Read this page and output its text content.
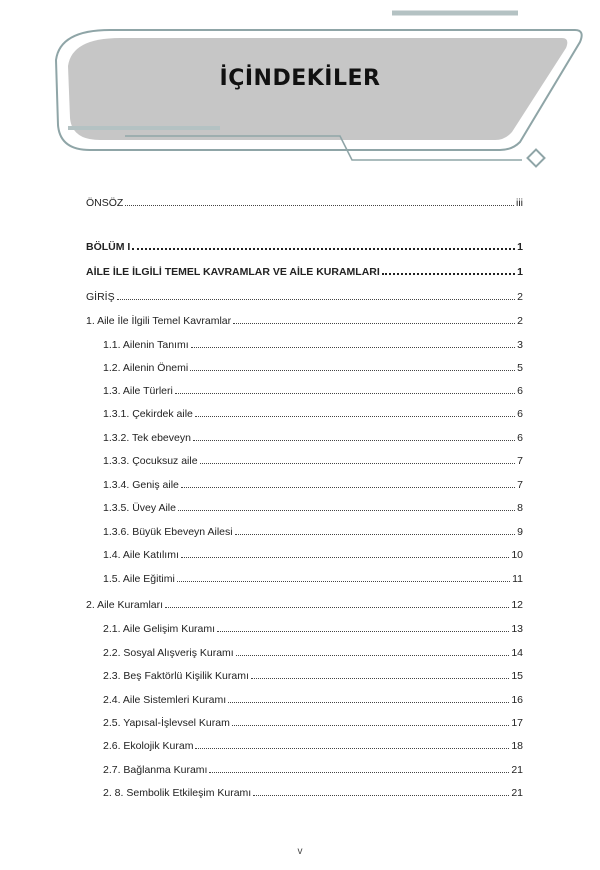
İÇİNDEKİLER
ÖNSÖZ	iii
BÖLÜM I	1
AİLE İLE İLGİLİ TEMEL KAVRAMLAR VE AİLE KURAMLARI	1
GİRİŞ	2
1. Aile İle İlgili Temel Kavramlar	2
1.1. Ailenin Tanımı	3
1.2. Ailenin Önemi	5
1.3. Aile Türleri	6
1.3.1. Çekirdek aile	6
1.3.2. Tek ebeveyn	6
1.3.3. Çocuksuz aile	7
1.3.4. Geniş aile	7
1.3.5. Üvey Aile	8
1.3.6. Büyük Ebeveyn Ailesi	9
1.4. Aile Katılımı	10
1.5. Aile Eğitimi	11
2. Aile Kuramları	12
2.1. Aile Gelişim Kuramı	13
2.2. Sosyal Alışveriş Kuramı	14
2.3. Beş Faktörlü Kişilik Kuramı	15
2.4. Aile Sistemleri Kuramı	16
2.5. Yapısal-İşlevsel Kuram	17
2.6. Ekolojik Kuram	18
2.7. Bağlanma Kuramı	21
2. 8. Sembolik Etkileşim Kuramı	21
v
